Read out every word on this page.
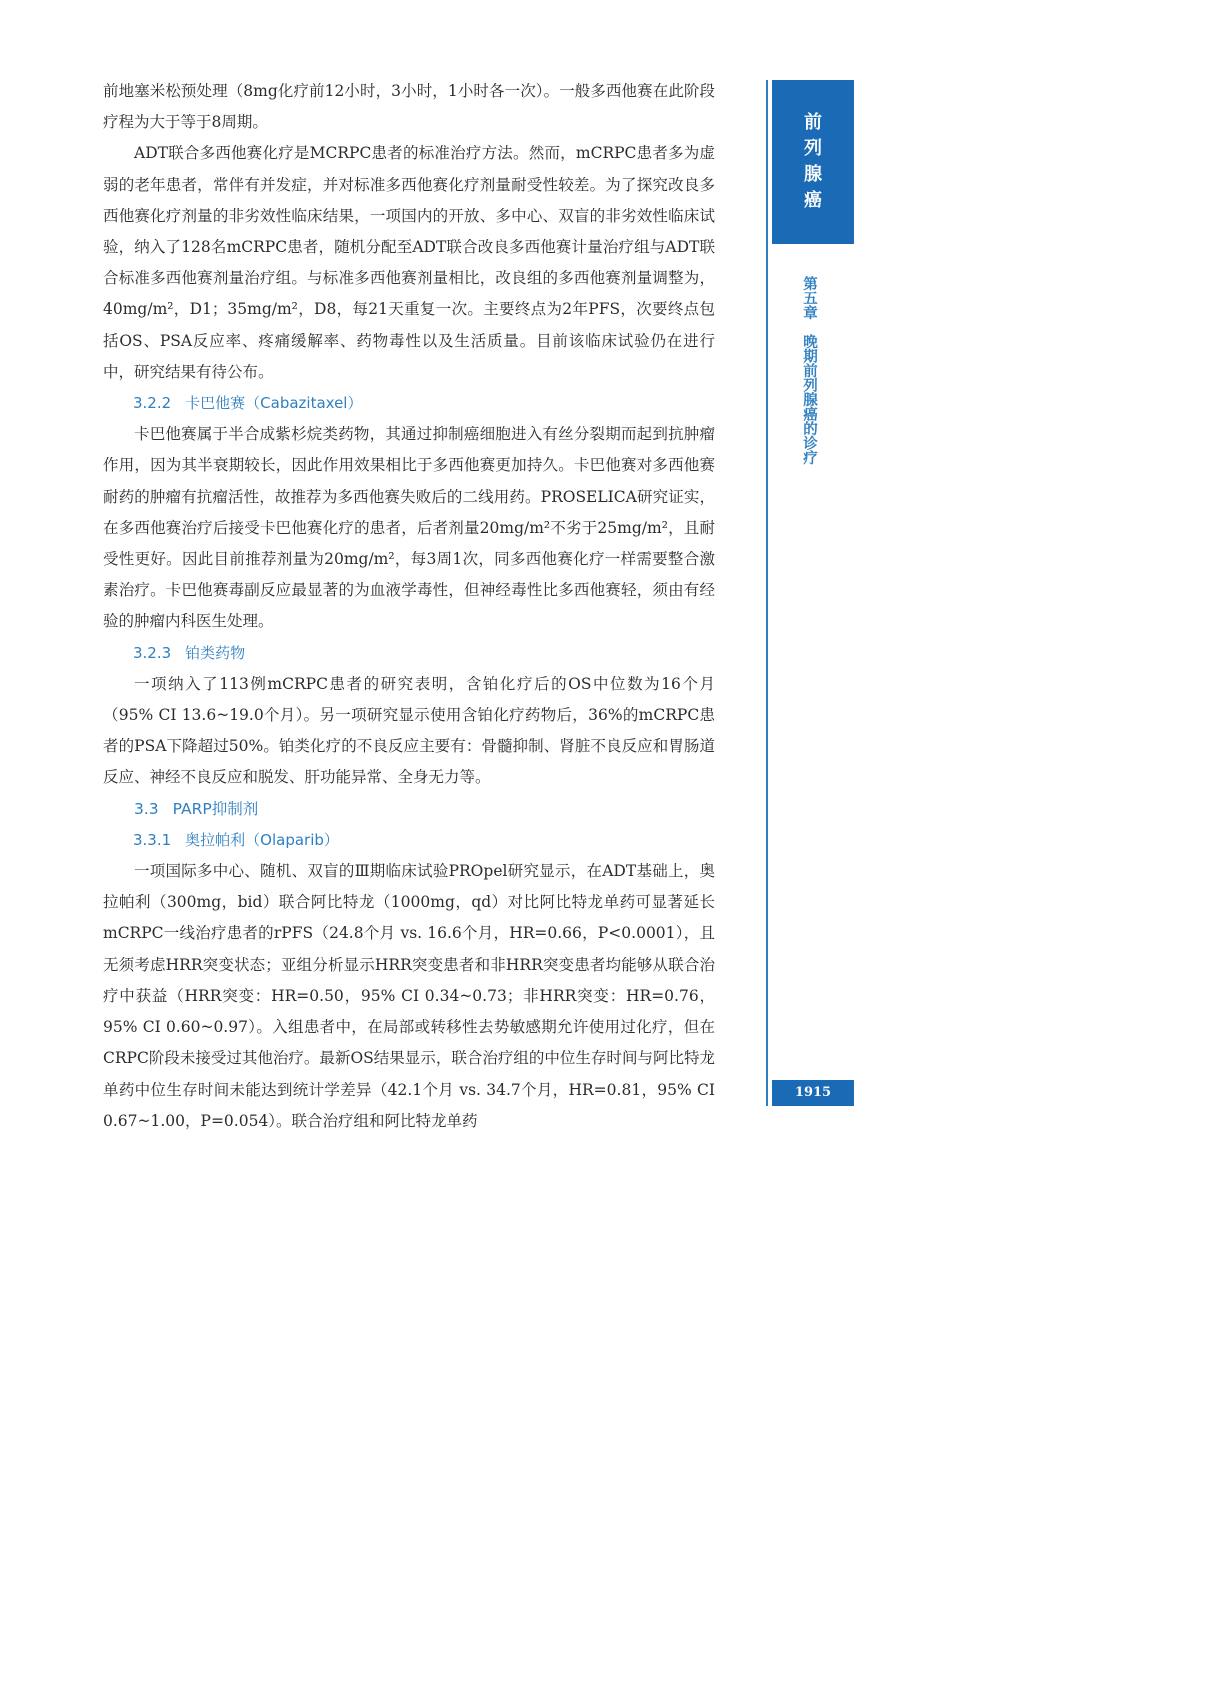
前地塞米松预处理（8mg化疗前12小时，3小时，1小时各一次）。一般多西他赛在此阶段疗程为大于等于8周期。

ADT联合多西他赛化疗是MCRPC患者的标准治疗方法。然而，mCRPC患者多为虚弱的老年患者，常伴有并发症，并对标准多西他赛化疗剂量耐受性较差。为了探究改良多西他赛化疗剂量的非劣效性临床结果，一项国内的开放、多中心、双盲的非劣效性临床试验，纳入了128名mCRPC患者，随机分配至ADT联合改良多西他赛计量治疗组与ADT联合标准多西他赛剂量治疗组。与标准多西他赛剂量相比，改良组的多西他赛剂量调整为，40mg/m²，D1；35mg/m²，D8，每21天重复一次。主要终点为2年PFS，次要终点包括OS、PSA反应率、疼痛缓解率、药物毒性以及生活质量。目前该临床试验仍在进行中，研究结果有待公布。

3.2.2 卡巴他赛（Cabazitaxel）

卡巴他赛属于半合成紫杉烷类药物，其通过抑制癌细胞进入有丝分裂期而起到抗肿瘤作用，因为其半衰期较长，因此作用效果相比于多西他赛更加持久。卡巴他赛对多西他赛耐药的肿瘤有抗瘤活性，故推荐为多西他赛失败后的二线用药。PROSELICA研究证实，在多西他赛治疗后接受卡巴他赛化疗的患者，后者剂量20mg/m²不劣于25mg/m²，且耐受性更好。因此目前推荐剂量为20mg/m²，每3周1次，同多西他赛化疗一样需要整合激素治疗。卡巴他赛毒副反应最显著的为血液学毒性，但神经毒性比多西他赛轻，须由有经验的肿瘤内科医生处理。

3.2.3 铂类药物

一项纳入了113例mCRPC患者的研究表明，含铂化疗后的OS中位数为16个月（95% CI 13.6~19.0个月）。另一项研究显示使用含铂化疗药物后，36%的mCRPC患者的PSA下降超过50%。铂类化疗的不良反应主要有：骨髓抑制、肾脏不良反应和胃肠道反应、神经不良反应和脱发、肝功能异常、全身无力等。

3.3 PARP抑制剂
3.3.1 奥拉帕利（Olaparib）

一项国际多中心、随机、双盲的Ⅲ期临床试验PROpel研究显示，在ADT基础上，奥拉帕利（300mg，bid）联合阿比特龙（1000mg，qd）对比阿比特龙单药可显著延长mCRPC一线治疗患者的rPFS（24.8个月 vs. 16.6个月，HR=0.66，P<0.0001），且无须考虑HRR突变状态；亚组分析显示HRR突变患者和非HRR突变患者均能够从联合治疗中获益（HRR突变：HR=0.50，95% CI 0.34~0.73；非HRR突变：HR=0.76，95% CI 0.60~0.97）。入组患者中，在局部或转移性去势敏感期允许使用过化疗，但在CRPC阶段未接受过其他治疗。最新OS结果显示，联合治疗组的中位生存时间与阿比特龙单药中位生存时间未能达到统计学差异（42.1个月 vs. 34.7个月，HR=0.81，95% CI 0.67~1.00，P=0.054）。联合治疗组和阿比特龙单药

前
列
腺
癌
第五章　晚期前列腺癌的诊疗
1915
